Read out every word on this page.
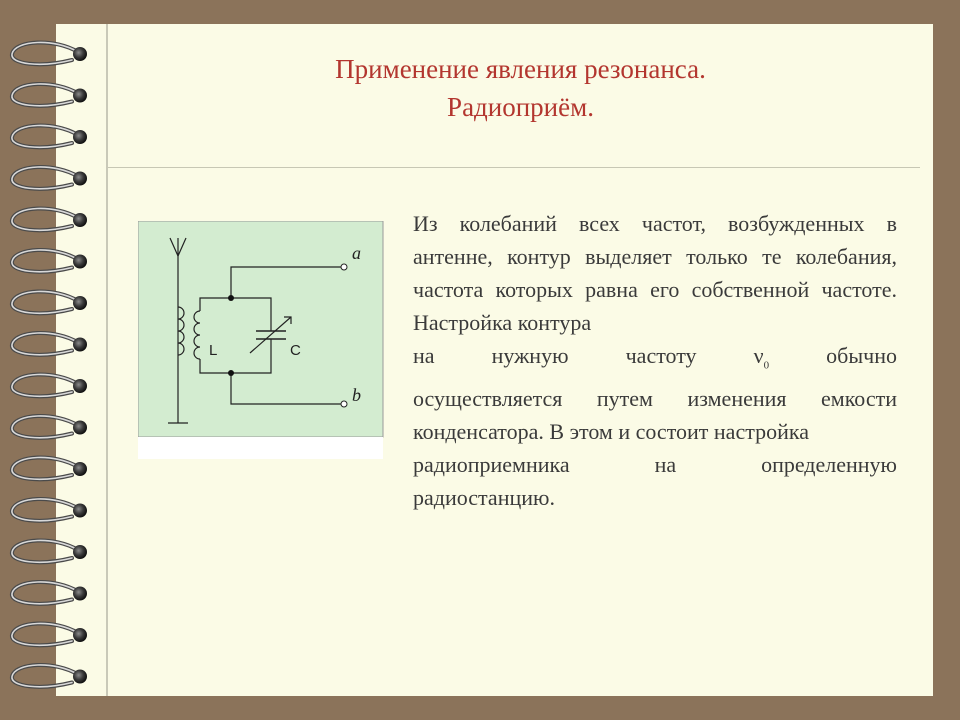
Применение явления резонанса.
Радиоприём.
a
b
L	C
Из колебаний всех частот, возбужденных в антенне, контур выделяет только те колебания, частота которых равна его собственной частоте. Настройка контура
на	нужную	частоту	$\nu_0$	обычно
осуществляется путем изменения емкости конденсатора. В этом и состоит настройка
радиоприемника	на	определенную
радиостанцию.
